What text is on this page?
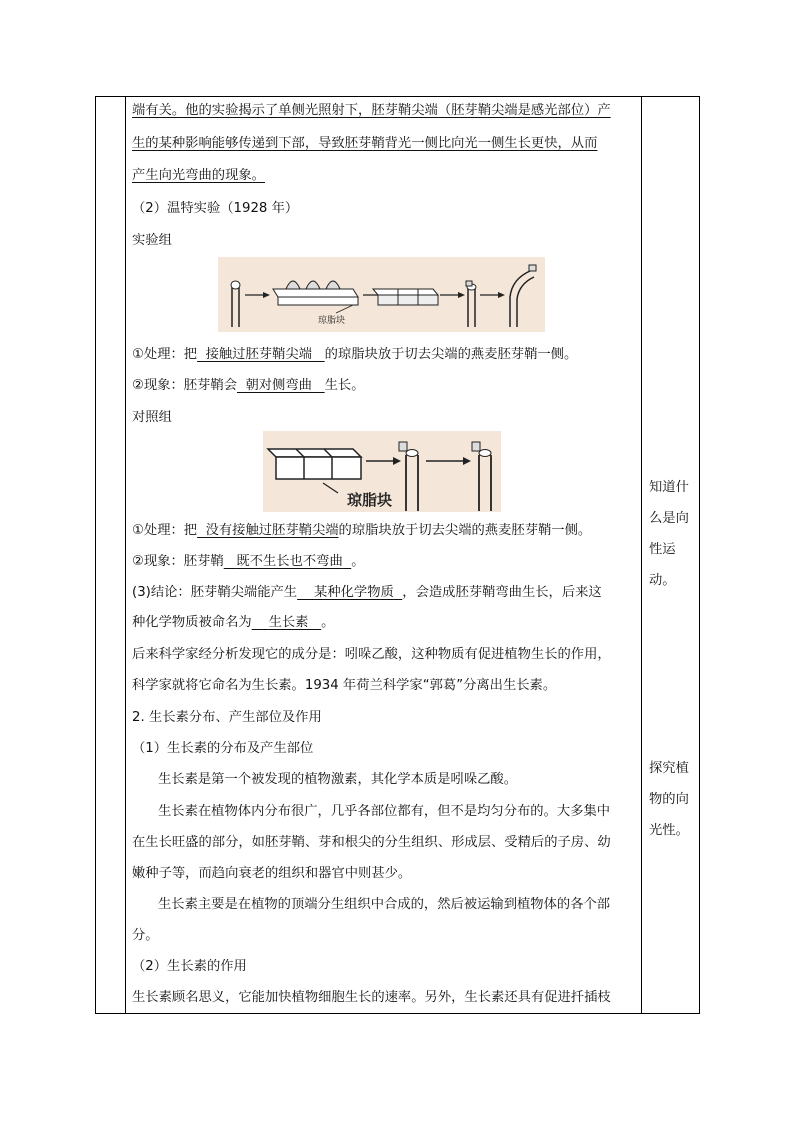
端有关。他的实验揭示了单侧光照射下，胚芽鞘尖端（胚芽鞘尖端是感光部位）产
生的某种影响能够传递到下部，导致胚芽鞘背光一侧比向光一侧生长更快，从而
产生向光弯曲的现象。
（2）温特实验（1928 年）
实验组
琼脂块
①处理：把 接触过胚芽鞘尖端 的琼脂块放于切去尖端的燕麦胚芽鞘一侧。
②现象：胚芽鞘会 朝对侧弯曲 生长。
对照组
琼脂块
①处理：把 没有接触过胚芽鞘尖端的琼脂块放于切去尖端的燕麦胚芽鞘一侧。
②现象：胚芽鞘 既不生长也不弯曲 。
(3)结论：胚芽鞘尖端能产生 某种化学物质 ，会造成胚芽鞘弯曲生长，后来这
种化学物质被命名为 生长素 。
后来科学家经分析发现它的成分是：吲哚乙酸，这种物质有促进植物生长的作用，
科学家就将它命名为生长素。1934 年荷兰科学家“郭葛”分离出生长素。
2. 生长素分布、产生部位及作用
（1）生长素的分布及产生部位
生长素是第一个被发现的植物激素，其化学本质是吲哚乙酸。
生长素在植物体内分布很广，几乎各部位都有，但不是均匀分布的。大多集中
在生长旺盛的部分，如胚芽鞘、芽和根尖的分生组织、形成层、受精后的子房、幼
嫩种子等，而趋向衰老的组织和器官中则甚少。
生长素主要是在植物的顶端分生组织中合成的，然后被运输到植物体的各个部
分。
（2）生长素的作用
生长素顾名思义，它能加快植物细胞生长的速率。另外，生长素还具有促进扦插枝
知道什
么是向
性运
动。
探究植
物的向
光性。
